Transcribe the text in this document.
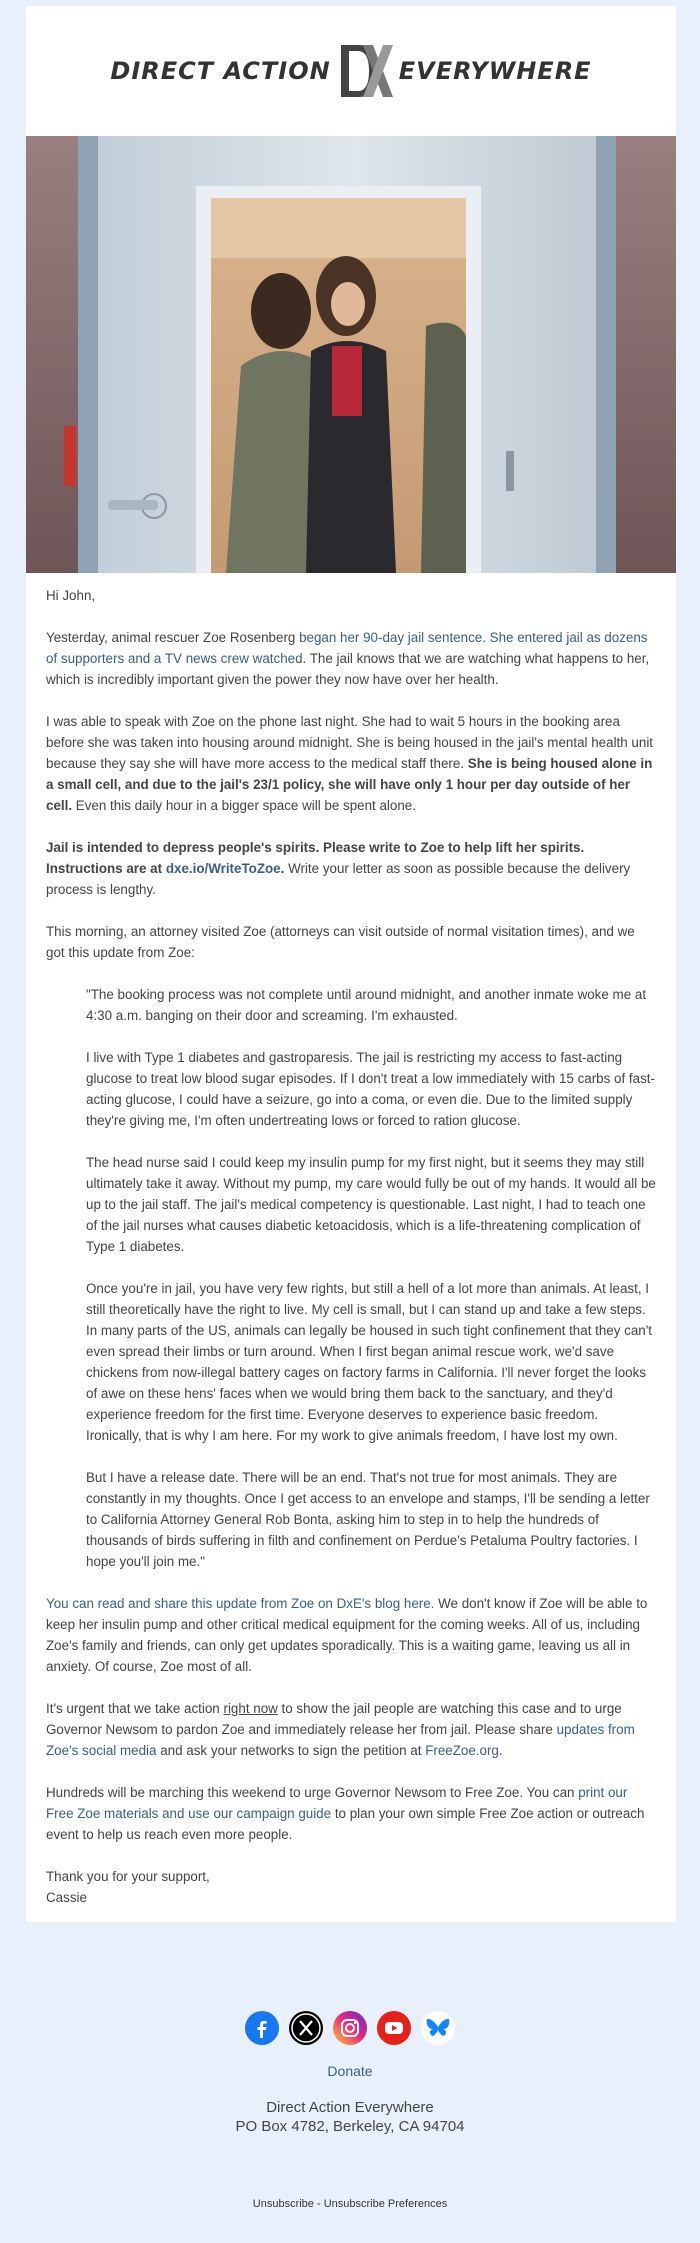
DIRECT ACTION	EVERYWHERE

Hi John,

Yesterday, animal rescuer Zoe Rosenberg began her 90-day jail sentence. She entered jail as dozens of supporters and a TV news crew watched. The jail knows that we are watching what happens to her, which is incredibly important given the power they now have over her health.

I was able to speak with Zoe on the phone last night. She had to wait 5 hours in the booking area before she was taken into housing around midnight. She is being housed in the jail's mental health unit because they say she will have more access to the medical staff there. She is being housed alone in a small cell, and due to the jail's 23/1 policy, she will have only 1 hour per day outside of her cell. Even this daily hour in a bigger space will be spent alone.

Jail is intended to depress people's spirits. Please write to Zoe to help lift her spirits. Instructions are at dxe.io/WriteToZoe. Write your letter as soon as possible because the delivery process is lengthy.

This morning, an attorney visited Zoe (attorneys can visit outside of normal visitation times), and we got this update from Zoe:

"The booking process was not complete until around midnight, and another inmate woke me at 4:30 a.m. banging on their door and screaming. I'm exhausted.

I live with Type 1 diabetes and gastroparesis. The jail is restricting my access to fast-acting glucose to treat low blood sugar episodes. If I don't treat a low immediately with 15 carbs of fast-acting glucose, I could have a seizure, go into a coma, or even die. Due to the limited supply they're giving me, I'm often undertreating lows or forced to ration glucose.

The head nurse said I could keep my insulin pump for my first night, but it seems they may still ultimately take it away. Without my pump, my care would fully be out of my hands. It would all be up to the jail staff. The jail's medical competency is questionable. Last night, I had to teach one of the jail nurses what causes diabetic ketoacidosis, which is a life-threatening complication of Type 1 diabetes.

Once you're in jail, you have very few rights, but still a hell of a lot more than animals. At least, I still theoretically have the right to live. My cell is small, but I can stand up and take a few steps. In many parts of the US, animals can legally be housed in such tight confinement that they can't even spread their limbs or turn around. When I first began animal rescue work, we'd save chickens from now-illegal battery cages on factory farms in California. I'll never forget the looks of awe on these hens' faces when we would bring them back to the sanctuary, and they'd experience freedom for the first time. Everyone deserves to experience basic freedom. Ironically, that is why I am here. For my work to give animals freedom, I have lost my own.

But I have a release date. There will be an end. That's not true for most animals. They are constantly in my thoughts. Once I get access to an envelope and stamps, I'll be sending a letter to California Attorney General Rob Bonta, asking him to step in to help the hundreds of thousands of birds suffering in filth and confinement on Perdue's Petaluma Poultry factories. I hope you'll join me."

You can read and share this update from Zoe on DxE's blog here. We don't know if Zoe will be able to keep her insulin pump and other critical medical equipment for the coming weeks. All of us, including Zoe's family and friends, can only get updates sporadically. This is a waiting game, leaving us all in anxiety. Of course, Zoe most of all.

It's urgent that we take action right now to show the jail people are watching this case and to urge Governor Newsom to pardon Zoe and immediately release her from jail. Please share updates from Zoe's social media and ask your networks to sign the petition at FreeZoe.org.

Hundreds will be marching this weekend to urge Governor Newsom to Free Zoe. You can print our Free Zoe materials and use our campaign guide to plan your own simple Free Zoe action or outreach event to help us reach even more people.

Thank you for your support,
Cassie

Donate
Direct Action Everywhere
PO Box 4782, Berkeley, CA 94704
Unsubscribe - Unsubscribe Preferences
